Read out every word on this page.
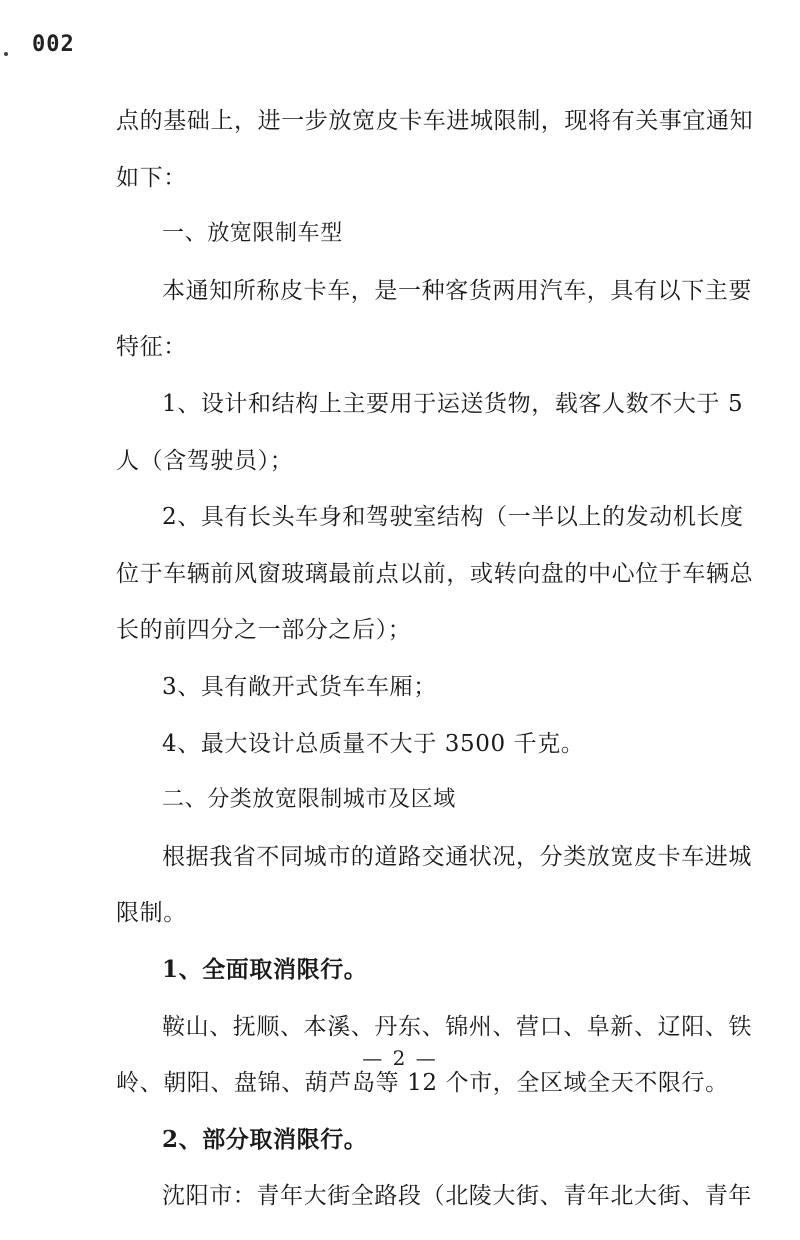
002
点的基础上，进一步放宽皮卡车进城限制，现将有关事宜通知
如下：
一、放宽限制车型
本通知所称皮卡车，是一种客货两用汽车，具有以下主要
特征：
1、设计和结构上主要用于运送货物，载客人数不大于 5
人（含驾驶员）；
2、具有长头车身和驾驶室结构（一半以上的发动机长度
位于车辆前风窗玻璃最前点以前，或转向盘的中心位于车辆总
长的前四分之一部分之后）；
3、具有敞开式货车车厢；
4、最大设计总质量不大于 3500 千克。
二、分类放宽限制城市及区域
根据我省不同城市的道路交通状况，分类放宽皮卡车进城
限制。
1、全面取消限行。
鞍山、抚顺、本溪、丹东、锦州、营口、阜新、辽阳、铁
岭、朝阳、盘锦、葫芦岛等 12 个市，全区域全天不限行。
2、部分取消限行。
沈阳市：青年大街全路段（北陵大街、青年北大街、青年
— 2 —
